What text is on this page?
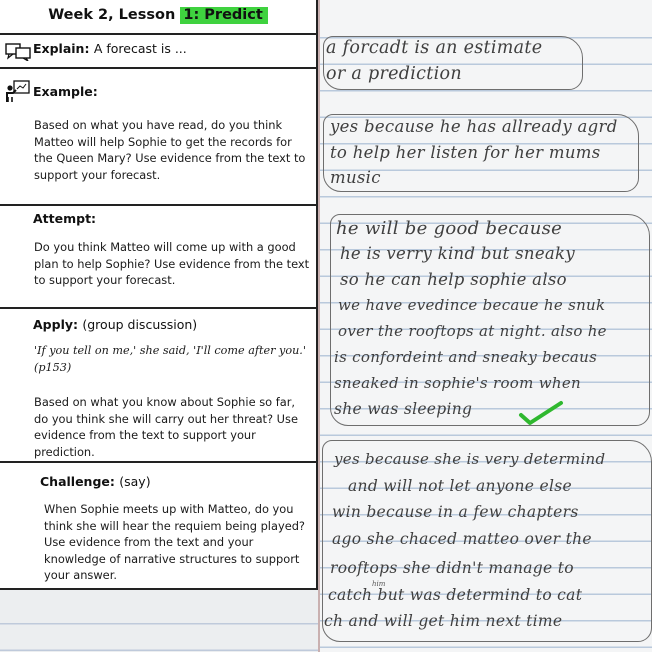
Week 2, Lesson 1: Predict
Explain: A forecast is ...
Example:
Based on what you have read, do you think Matteo will help Sophie to get the records for the Queen Mary? Use evidence from the text to support your forecast.
Attempt:
Do you think Matteo will come up with a good plan to help Sophie? Use evidence from the text to support your forecast.
Apply: (group discussion)
'If you tell on me,' she said, 'I'll come after you.' (p153)
Based on what you know about Sophie so far, do you think she will carry out her threat? Use evidence from the text to support your prediction.
Challenge: (say)
When Sophie meets up with Matteo, do you think she will hear the requiem being played? Use evidence from the text and your knowledge of narrative structures to support your answer.
a forcadt is an estimate
or a prediction
yes because he has allready agrd
to help her listen for her mums
music
he will be good because
he is verry kind but sneaky
so he can help sophie also
we have evedince becaue he snuk
over the rooftops at night. also he
is confordeint and sneaky becaus
sneaked in sophie's room when
she was sleeping
yes because she is very determind
and will not let anyone else
win because in a few chapters
ago she chaced matteo over the
rooftops she didn't manage to
him
catch but was determind to cat
ch and will get him next time
